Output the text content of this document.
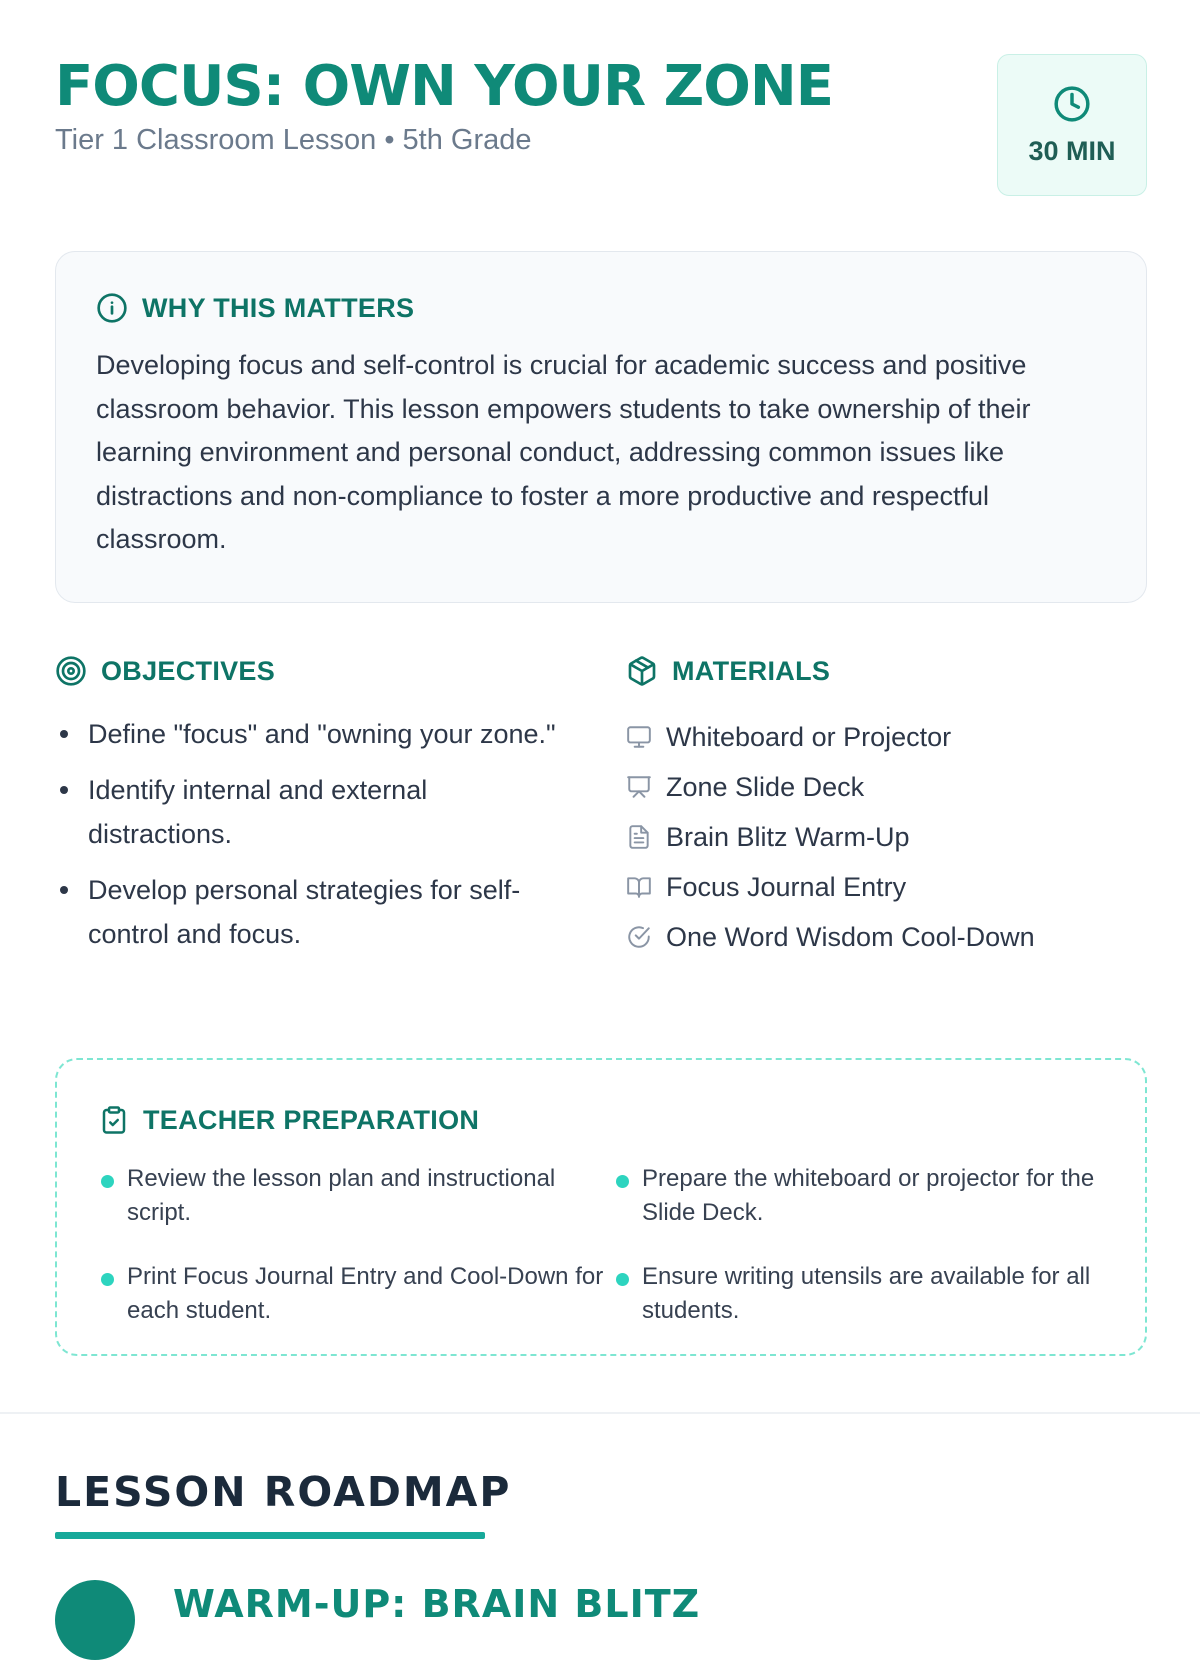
FOCUS: OWN YOUR ZONE
Tier 1 Classroom Lesson • 5th Grade	30 MIN
WHY THIS MATTERS

Developing focus and self-control is crucial for academic success and positive classroom behavior. This lesson empowers students to take ownership of their learning environment and personal conduct, addressing common issues like distractions and non-compliance to foster a more productive and respectful classroom.

OBJECTIVES
Define "focus" and "owning your zone."
Identify internal and external distractions.
Develop personal strategies for self-control and focus.
MATERIALS
Whiteboard or Projector
Zone Slide Deck
Brain Blitz Warm-Up
Focus Journal Entry
One Word Wisdom Cool-Down
TEACHER PREPARATION
Review the lesson plan and instructional script.
Prepare the whiteboard or projector for the Slide Deck.
Print Focus Journal Entry and Cool-Down for each student.
Ensure writing utensils are available for all students.
LESSON ROADMAP
WARM-UP: BRAIN BLITZ
